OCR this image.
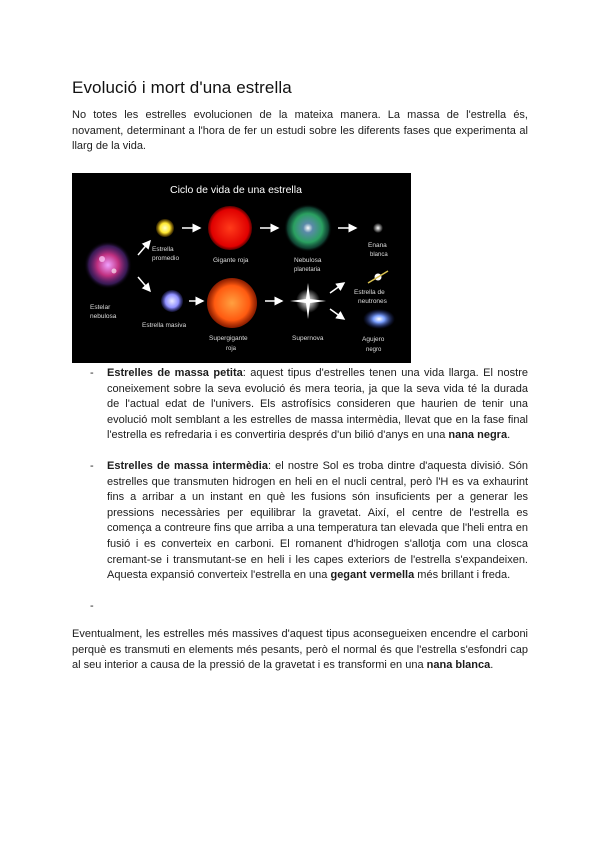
Evolució i mort d'una estrella

No totes les estrelles evolucionen de la mateixa manera. La massa de l'estrella és, novament, determinant a l'hora de fer un estudi sobre les diferents fases que experimenta al llarg de la vida.

Ciclo de vida de una estrella
Estelar
nebulosa
Estrella
promedio	Gigante roja	Nebulosa
planetaria
Enana
blanca
Estrella masiva
Supergigante
roja
Supernova
Estrella de
neutrones
Agujero
negro
- Estrelles de massa petita: aquest tipus d'estrelles tenen una vida llarga. El nostre coneixement sobre la seva evolució és mera teoria, ja que la seva vida té la durada de l'actual edat de l'univers. Els astrofísics consideren que haurien de tenir una evolució molt semblant a les estrelles de massa intermèdia, llevat que en la fase final l'estrella es refredaria i es convertiria després d'un bilió d'anys en una nana negra.
- Estrelles de massa intermèdia: el nostre Sol es troba dintre d'aquesta divisió. Són estrelles que transmuten hidrogen en heli en el nucli central, però l'H es va exhaurint fins a arribar a un instant en què les fusions són insuficients per a generar les pressions necessàries per equilibrar la gravetat. Així, el centre de l'estrella es comença a contreure fins que arriba a una temperatura tan elevada que l'heli entra en fusió i es converteix en carboni. El romanent d'hidrogen s'allotja com una closca cremant-se i transmutant-se en heli i les capes exteriors de l'estrella s'expandeixen. Aquesta expansió converteix l'estrella en una gegant vermella més brillant i freda.
-

Eventualment, les estrelles més massives d'aquest tipus aconsegueixen encendre el carboni perquè es transmuti en elements més pesants, però el normal és que l'estrella s'esfondri cap al seu interior a causa de la pressió de la gravetat i es transformi en una nana blanca.
